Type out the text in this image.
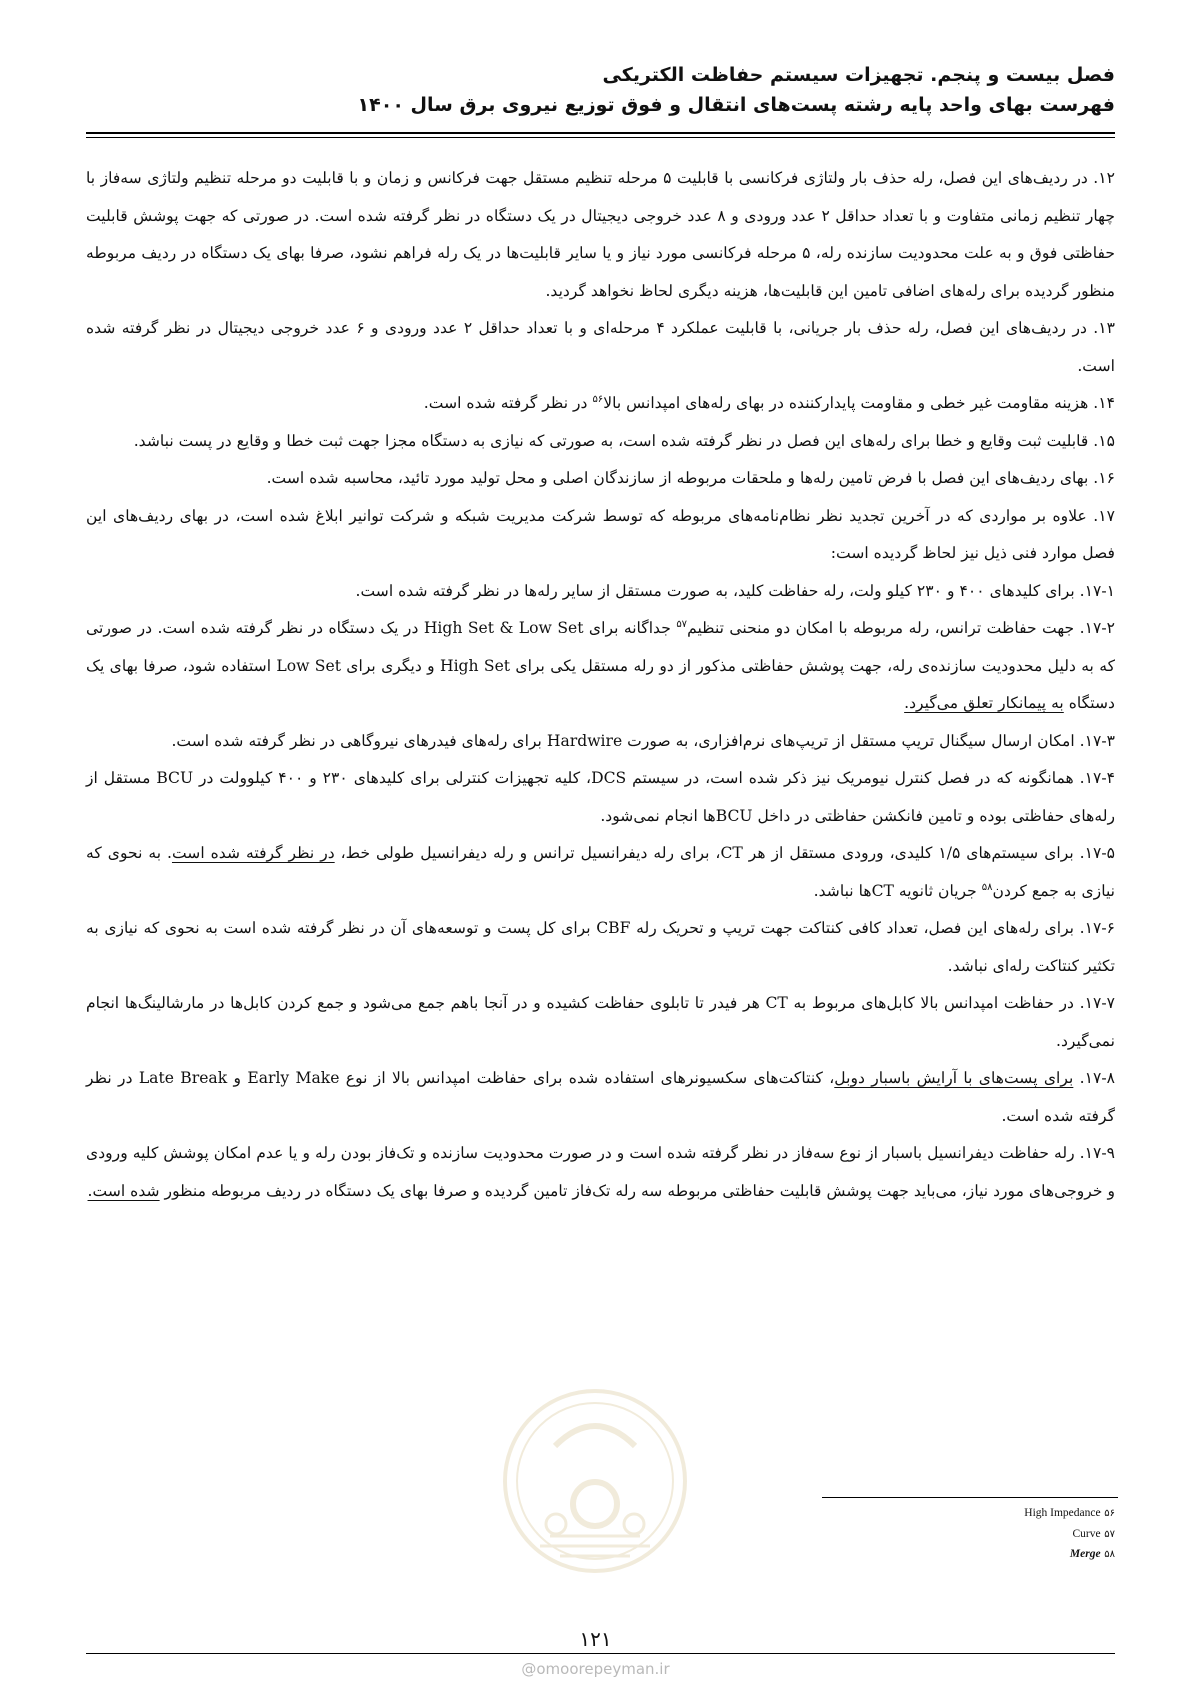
فصل بیست و پنجم. تجهیزات سیستم حفاظت الکتریکی

فهرست بهای واحد پایه رشته پست‌های انتقال و فوق توزیع نیروی برق سال ۱۴۰۰

۱۲. در ردیف‌های این فصل، رله حذف بار ولتاژی فرکانسی با قابلیت ۵ مرحله تنظیم مستقل جهت فرکانس و زمان و با قابلیت دو مرحله تنظیم ولتاژی سه‌فاز با چهار تنظیم زمانی متفاوت و با تعداد حداقل ۲ عدد ورودی و ۸ عدد خروجی دیجیتال در یک دستگاه در نظر گرفته شده است. در صورتی که جهت پوشش قابلیت حفاظتی فوق و به علت محدودیت سازنده رله، ۵ مرحله فرکانسی مورد نیاز و یا سایر قابلیت‌ها در یک رله فراهم نشود، صرفا بهای یک دستگاه در ردیف مربوطه منظور گردیده برای رله‌های اضافی تامین این قابلیت‌ها، هزینه دیگری لحاظ نخواهد گردید.

۱۳. در ردیف‌های این فصل، رله حذف بار جریانی، با قابلیت عملکرد ۴ مرحله‌ای و با تعداد حداقل ۲ عدد ورودی و ۶ عدد خروجی دیجیتال در نظر گرفته شده است.

۱۴. هزینه مقاومت غیر خطی و مقاومت پایدارکننده در بهای رله‌های امپدانس بالا$^{۵۶}$ در نظر گرفته شده است.

۱۵. قابلیت ثبت وقایع و خطا برای رله‌های این فصل در نظر گرفته شده است، به صورتی که نیازی به دستگاه مجزا جهت ثبت خطا و وقایع در پست نباشد.

۱۶. بهای ردیف‌های این فصل با فرض تامین رله‌ها و ملحقات مربوطه از سازندگان اصلی و محل تولید مورد تائید، محاسبه شده است.

۱۷. علاوه بر مواردی که در آخرین تجدید نظر نظام‌نامه‌های مربوطه که توسط شرکت مدیریت شبکه و شرکت توانیر ابلاغ شده است، در بهای ردیف‌های این فصل موارد فنی ذیل نیز لحاظ گردیده است:

۱۷-۱. برای کلیدهای ۴۰۰ و ۲۳۰ کیلو ولت، رله حفاظت کلید، به صورت مستقل از سایر رله‌ها در نظر گرفته شده است.

۱۷-۲. جهت حفاظت ترانس، رله مربوطه با امکان دو منحنی تنظیم$^{۵۷}$ جداگانه برای High Set & Low Set در یک دستگاه در نظر گرفته شده است. در صورتی که به دلیل محدودیت سازنده‌ی رله، جهت پوشش حفاظتی مذکور از دو رله مستقل یکی برای High Set و دیگری برای Low Set استفاده شود، صرفا بهای یک دستگاه به پیمانکار تعلق می‌گیرد.

۱۷-۳. امکان ارسال سیگنال تریپ مستقل از تریپ‌های نرم‌افزاری، به صورت Hardwire برای رله‌های فیدرهای نیروگاهی در نظر گرفته شده است.

۱۷-۴. همانگونه که در فصل کنترل نیومریک نیز ذکر شده است، در سیستم DCS، کلیه تجهیزات کنترلی برای کلیدهای ۲۳۰ و ۴۰۰ کیلوولت در BCU مستقل از رله‌های حفاظتی بوده و تامین فانکشن حفاظتی در داخل BCUها انجام نمی‌شود.

۱۷-۵. برای سیستم‌های ۱/۵ کلیدی، ورودی مستقل از هر CT، برای رله دیفرانسیل ترانس و رله دیفرانسیل طولی خط، در نظر گرفته شده است. به نحوی که نیازی به جمع کردن$^{۵۸}$ جریان ثانویه CTها نباشد.

۱۷-۶. برای رله‌های این فصل، تعداد کافی کنتاکت جهت تریپ و تحریک رله CBF برای کل پست و توسعه‌های آن در نظر گرفته شده است به نحوی که نیازی به تکثیر کنتاکت رله‌ای نباشد.

۱۷-۷. در حفاظت امپدانس بالا کابل‌های مربوط به CT هر فیدر تا تابلوی حفاظت کشیده و در آنجا باهم جمع می‌شود و جمع کردن کابل‌ها در مارشالینگ‌ها انجام نمی‌گیرد.

۱۷-۸. برای پست‌های با آرایش باسبار دوبل، کنتاکت‌های سکسیونرهای استفاده شده برای حفاظت امپدانس بالا از نوع Early Make و Late Break در نظر گرفته شده است.

۱۷-۹. رله حفاظت دیفرانسیل باسبار از نوع سه‌فاز در نظر گرفته شده است و در صورت محدودیت سازنده و تک‌فاز بودن رله و یا عدم امکان پوشش کلیه ورودی و خروجی‌های مورد نیاز، می‌باید جهت پوشش قابلیت حفاظتی مربوطه سه رله تک‌فاز تامین گردیده و صرفا بهای یک دستگاه در ردیف مربوطه منظور شده است.

۵۶ High Impedance

۵۷ Curve

۵۸ Merge

۱۲۱
@omoorepeyman.ir
